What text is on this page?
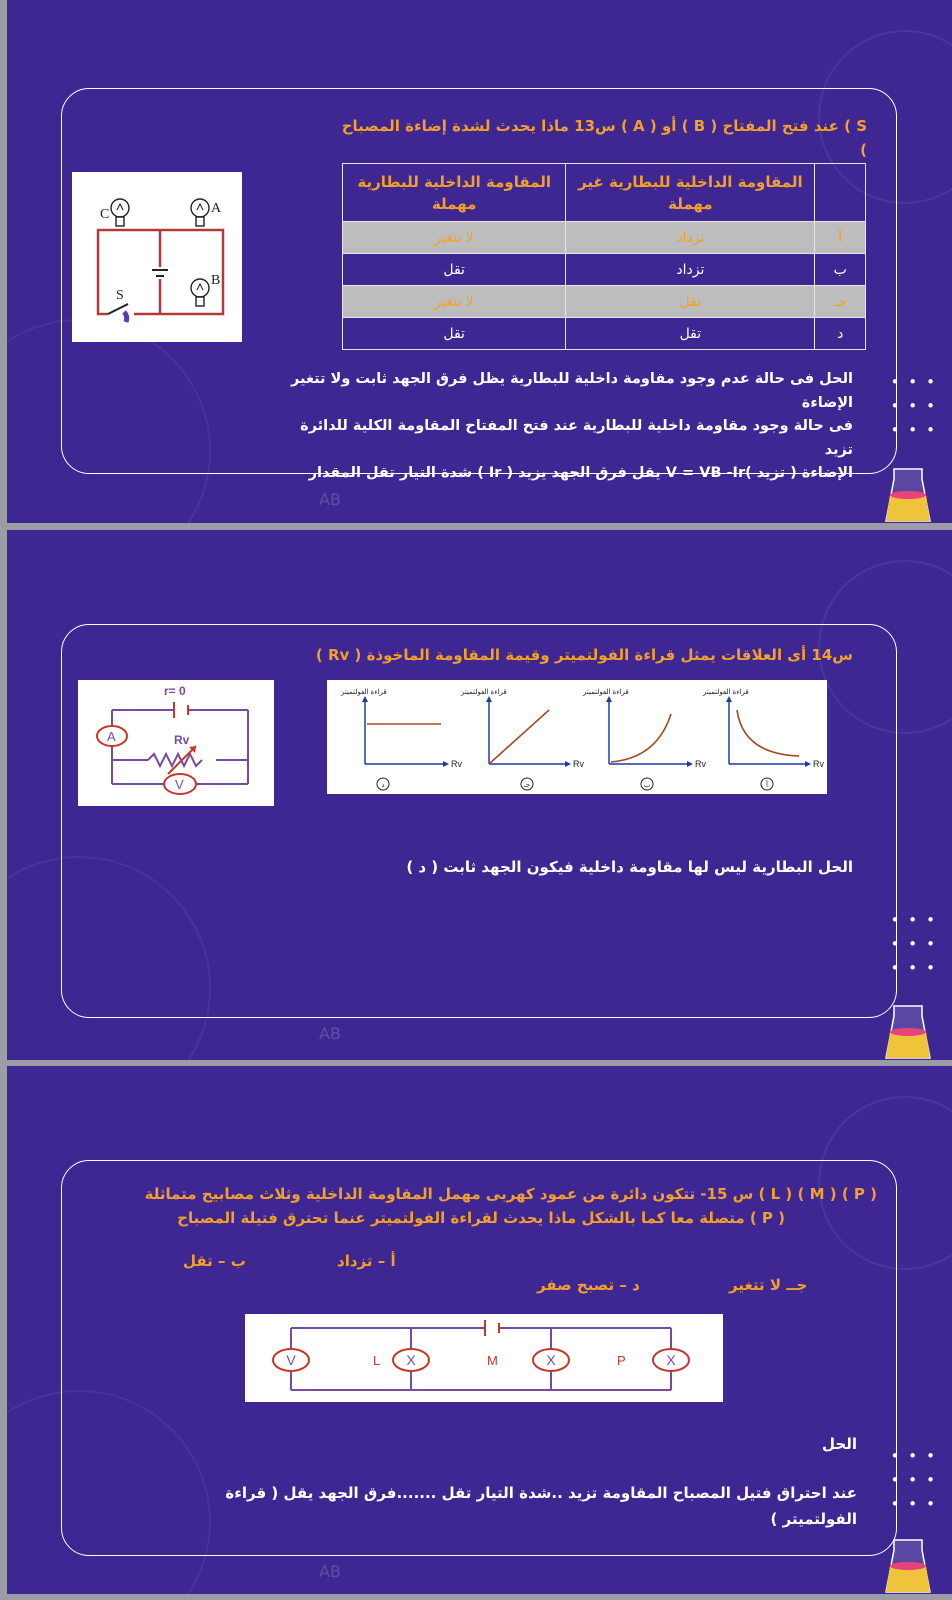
•••
•••
•••
AB
S ) عند فتح المفتاح ( B ) أو ( A ) س13 ماذا يحدث لشدة إضاءة المصباح
)
C	A
B
S
	المقاومة الداخلية للبطارية غير مهملة	المقاومة الداخلية للبطارية مهملة
أ	تزداد	لا تتغير
ب	تزداد	تقل
جـ	تقل	لا تتغير
د	تقل	تقل
الحل فى حالة عدم وجود مقاومة داخلية للبطارية يظل فرق الجهد ثابت ولا تتغير
الإضاءة
فى حالة وجود مقاومة داخلية للبطارية عند فتح المفتاح المقاومة الكلية للدائرة
تزيد
الإضاءة ( تزيد )V = VB -Ir يقل فرق الجهد يزيد ( Ir ) شدة التيار تقل المقدار
•••
•••
•••
AB
س14 أى العلاقات يمثل قراءة الفولتميتر وقيمة المقاومة الماخوذة ( Rv )
r= 0
A	Rv
V
قراءة الفولتميتر
Rv
د
قراءة الفولتميتر
Rv
جـ
قراءة الفولتميتر
Rv
ب
قراءة الفولتميتر
Rv
أ
الحل البطارية ليس لها مقاومة داخلية فيكون الجهد ثابت ( د )
•••
•••
•••
AB
( P ) ( M ) ( L ) س 15- تتكون دائرة من عمود كهربى مهمل المقاومة الداخلية وثلاث مصابيح متماثلة
( P ) متصلة معا كما بالشكل ماذا يحدث لقراءة الفولتميتر عنما تحترق فتيلة المصباح
أ – تزداد
ب – تقل
جــ لا تتغير
د – تصبح صفر
V	X	X	X
L	M	P
الحل
عند احتراق فتيل المصباح المقاومة تزيد ..شدة التيار تقل .......فرق الجهد يقل ( قراءة
الفولتميتر )
